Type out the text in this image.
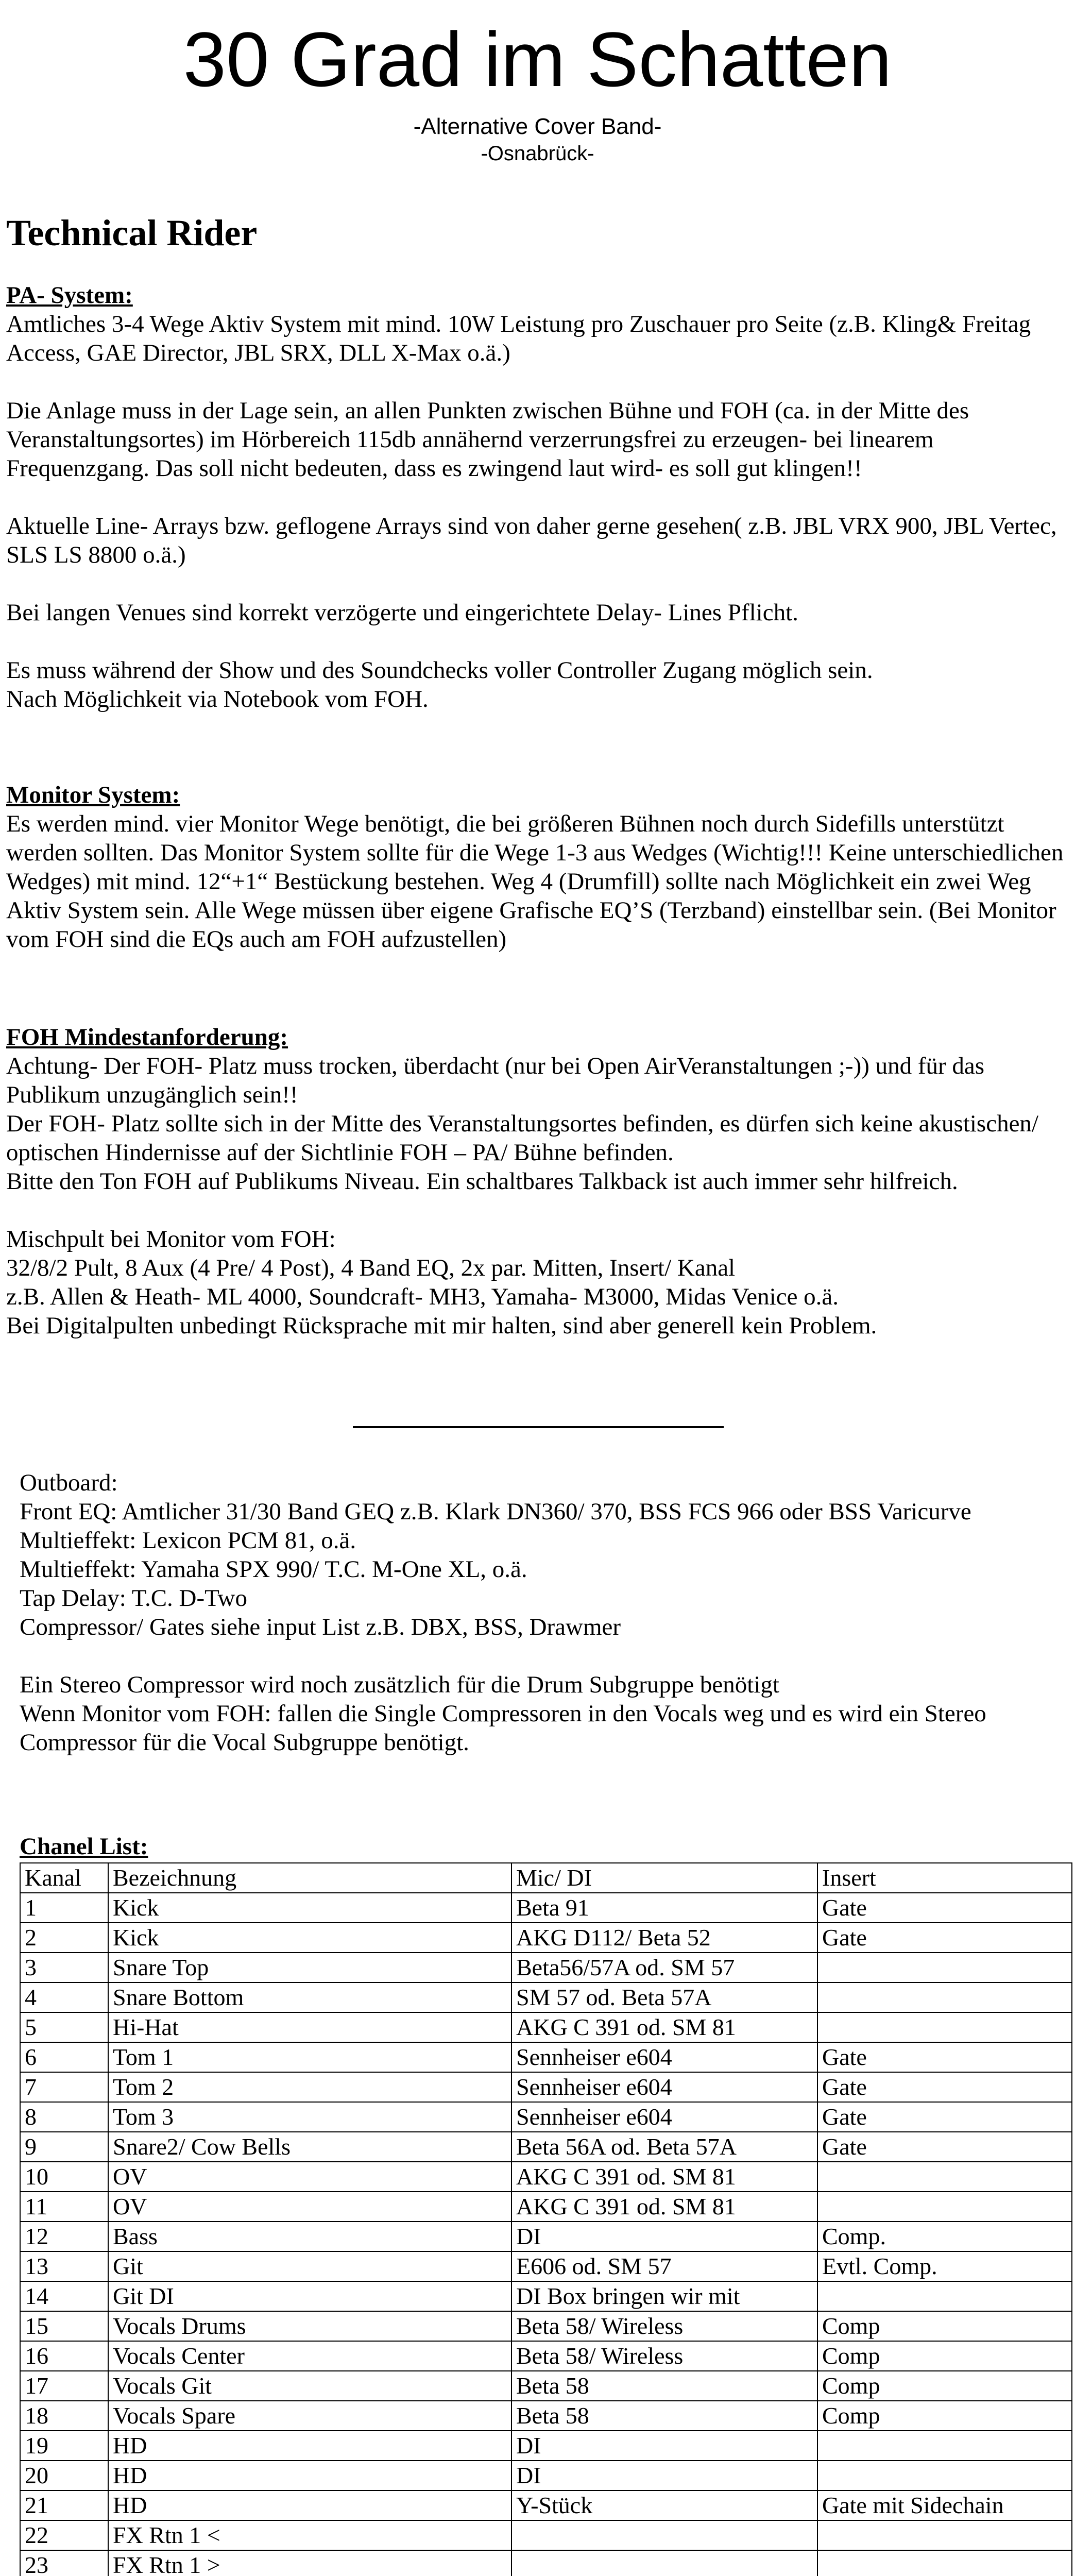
30 Grad im Schatten
-Alternative Cover Band-
-Osnabrück-
Technical Rider

PA- System:

Amtliches 3-4 Wege Aktiv System mit mind. 10W Leistung pro Zuschauer pro Seite (z.B. Kling& Freitag Access, GAE Director, JBL SRX, DLL X-Max o.ä.)

Die Anlage muss in der Lage sein, an allen Punkten zwischen Bühne und FOH (ca. in der Mitte des Veranstaltungsortes) im Hörbereich 115db annähernd verzerrungsfrei zu erzeugen- bei linearem Frequenzgang. Das soll nicht bedeuten, dass es zwingend laut wird- es soll gut klingen!!

Aktuelle Line- Arrays bzw. geflogene Arrays sind von daher gerne gesehen( z.B. JBL VRX 900, JBL Vertec, SLS LS 8800 o.ä.)

Bei langen Venues sind korrekt verzögerte und eingerichtete Delay- Lines Pflicht.

Es muss während der Show und des Soundchecks voller Controller Zugang möglich sein.

Nach Möglichkeit via Notebook vom FOH.

Monitor System:

Es werden mind. vier Monitor Wege benötigt, die bei größeren Bühnen noch durch Sidefills unterstützt werden sollten. Das Monitor System sollte für die Wege 1-3 aus Wedges (Wichtig!!! Keine unterschiedlichen Wedges) mit mind. 12“+1“ Bestückung bestehen. Weg 4 (Drumfill) sollte nach Möglichkeit ein zwei Weg Aktiv System sein. Alle Wege müssen über eigene Grafische EQ’S (Terzband) einstellbar sein. (Bei Monitor vom FOH sind die EQs auch am FOH aufzustellen)

FOH Mindestanforderung:

Achtung- Der FOH- Platz muss trocken, überdacht (nur bei Open AirVeranstaltungen ;-)) und für das Publikum unzugänglich sein!!

Der FOH- Platz sollte sich in der Mitte des Veranstaltungsortes befinden, es dürfen sich keine akustischen/ optischen Hindernisse auf der Sichtlinie FOH – PA/ Bühne befinden.

Bitte den Ton FOH auf Publikums Niveau. Ein schaltbares Talkback ist auch immer sehr hilfreich.

Mischpult bei Monitor vom FOH:

32/8/2 Pult, 8 Aux (4 Pre/ 4 Post), 4 Band EQ, 2x par. Mitten, Insert/ Kanal

z.B. Allen & Heath- ML 4000, Soundcraft- MH3, Yamaha- M3000, Midas Venice o.ä.

Bei Digitalpulten unbedingt Rücksprache mit mir halten, sind aber generell kein Problem.

Outboard:

Front EQ: Amtlicher 31/30 Band GEQ z.B. Klark DN360/ 370, BSS FCS 966 oder BSS Varicurve

Multieffekt: Lexicon PCM 81, o.ä.

Multieffekt: Yamaha SPX 990/ T.C. M-One XL, o.ä.

Tap Delay: T.C. D-Two

Compressor/ Gates siehe input List z.B. DBX, BSS, Drawmer

Ein Stereo Compressor wird noch zusätzlich für die Drum Subgruppe benötigt

Wenn Monitor vom FOH: fallen die Single Compressoren in den Vocals weg und es wird ein Stereo Compressor für die Vocal Subgruppe benötigt.

Chanel List:

Kanal	Bezeichnung	Mic/ DI	Insert
1	Kick	Beta 91	Gate
2	Kick	AKG D112/ Beta 52	Gate
3	Snare Top	Beta56/57A od. SM 57	
4	Snare Bottom	SM 57 od. Beta 57A	
5	Hi-Hat	AKG C 391 od. SM 81	
6	Tom 1	Sennheiser e604	Gate
7	Tom 2	Sennheiser e604	Gate
8	Tom 3	Sennheiser e604	Gate
9	Snare2/ Cow Bells	Beta 56A od. Beta 57A	Gate
10	OV	AKG C 391 od. SM 81	
11	OV	AKG C 391 od. SM 81	
12	Bass	DI	Comp.
13	Git	E606 od. SM 57	Evtl. Comp.
14	Git DI	DI Box bringen wir mit	
15	Vocals Drums	Beta 58/ Wireless	Comp
16	Vocals Center	Beta 58/ Wireless	Comp
17	Vocals Git	Beta 58	Comp
18	Vocals Spare	Beta 58	Comp
19	HD	DI	
20	HD	DI	
21	HD	Y-Stück	Gate mit Sidechain
22	FX Rtn 1 <		
23	FX Rtn 1 >		
